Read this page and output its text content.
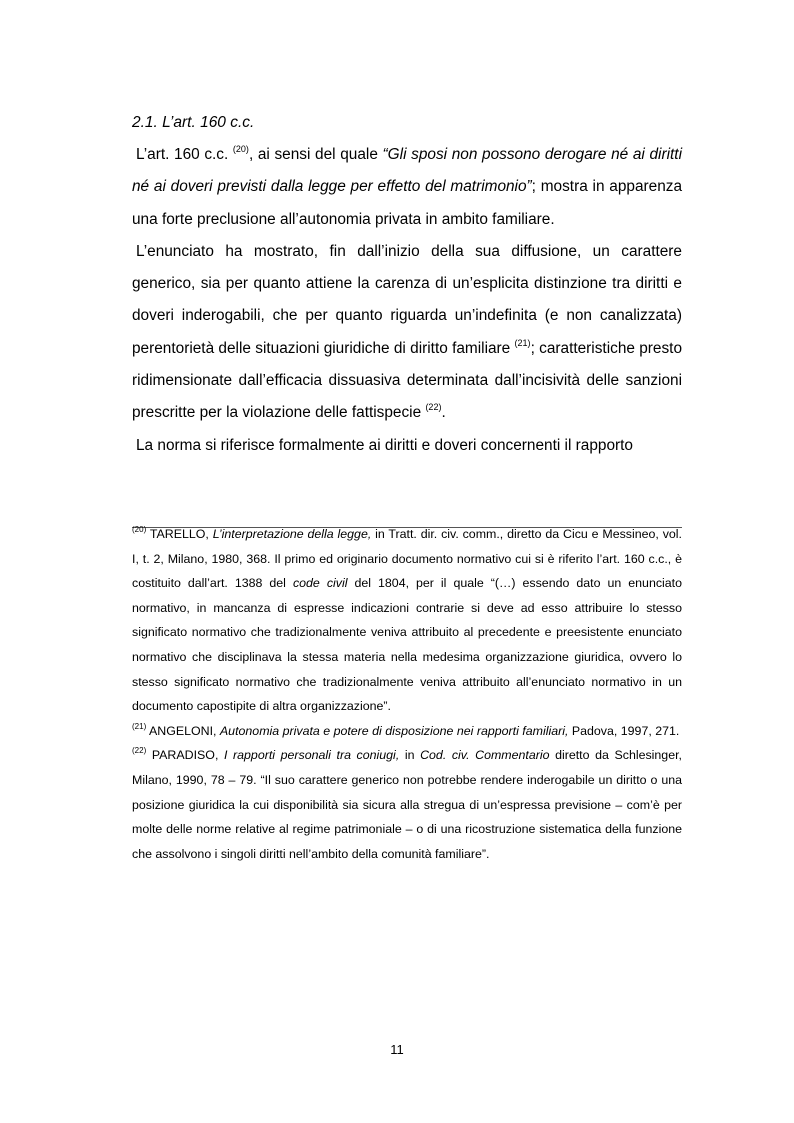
2.1. L’art. 160 c.c.

L’art. 160 c.c. $^{(20)}$, ai sensi del quale “Gli sposi non possono derogare né ai diritti né ai doveri previsti dalla legge per effetto del matrimonio”; mostra in apparenza una forte preclusione all’autonomia privata in ambito familiare.

L’enunciato ha mostrato, fin dall’inizio della sua diffusione, un carattere generico, sia per quanto attiene la carenza di un’esplicita distinzione tra diritti e doveri inderogabili, che per quanto riguarda un’indefinita (e non canalizzata) perentorietà delle situazioni giuridiche di diritto familiare $^{(21)}$; caratteristiche presto ridimensionate dall’efficacia dissuasiva determinata dall’incisività delle sanzioni prescritte per la violazione delle fattispecie $^{(22)}$.

La norma si riferisce formalmente ai diritti e doveri concernenti il rapporto

$^{(20)}$ TARELLO, L’interpretazione della legge, in Tratt. dir. civ. comm., diretto da Cicu e Messineo, vol. I, t. 2, Milano, 1980, 368. Il primo ed originario documento normativo cui si è riferito l’art. 160 c.c., è costituito dall’art. 1388 del code civil del 1804, per il quale “(…) essendo dato un enunciato normativo, in mancanza di espresse indicazioni contrarie si deve ad esso attribuire lo stesso significato normativo che tradizionalmente veniva attribuito al precedente e preesistente enunciato normativo che disciplinava la stessa materia nella medesima organizzazione giuridica, ovvero lo stesso significato normativo che tradizionalmente veniva attribuito all’enunciato normativo in un documento capostipite di altra organizzazione”.

$^{(21)}$ ANGELONI, Autonomia privata e potere di disposizione nei rapporti familiari, Padova, 1997, 271.

$^{(22)}$ PARADISO, I rapporti personali tra coniugi, in Cod. civ. Commentario diretto da Schlesinger, Milano, 1990, 78 – 79. “Il suo carattere generico non potrebbe rendere inderogabile un diritto o una posizione giuridica la cui disponibilità sia sicura alla stregua di un’espressa previsione – com’è per molte delle norme relative al regime patrimoniale – o di una ricostruzione sistematica della funzione che assolvono i singoli diritti nell’ambito della comunità familiare”.

11
